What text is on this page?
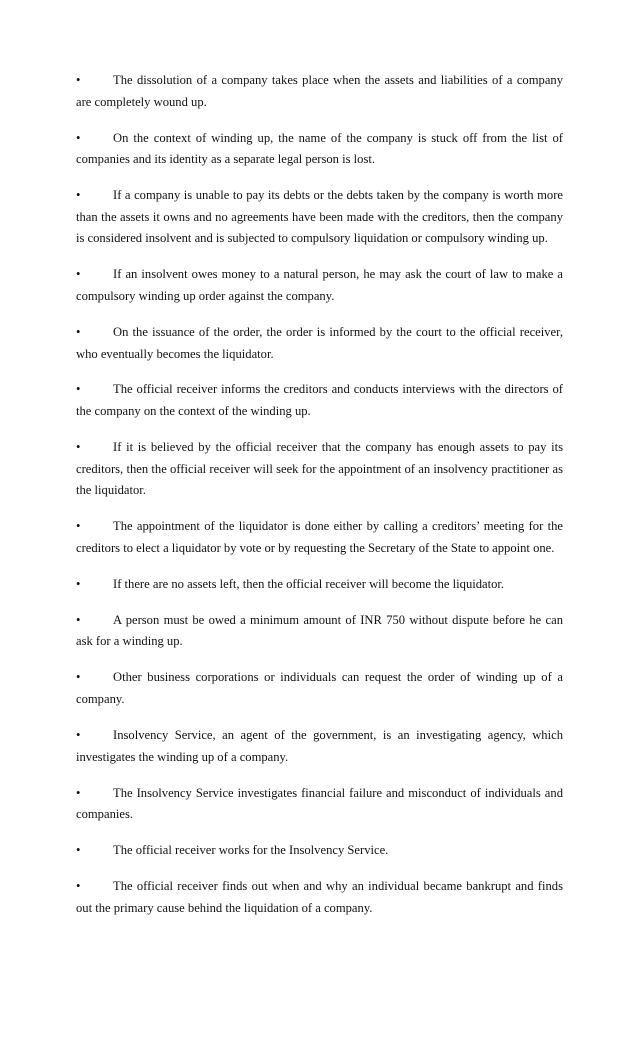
•	The dissolution of a company takes place when the assets and liabilities of a company are completely wound up.

•	On the context of winding up, the name of the company is stuck off from the list of companies and its identity as a separate legal person is lost.

•	If a company is unable to pay its debts or the debts taken by the company is worth more than the assets it owns and no agreements have been made with the creditors, then the company is considered insolvent and is subjected to compulsory liquidation or compulsory winding up.

•	If an insolvent owes money to a natural person, he may ask the court of law to make a compulsory winding up order against the company.

•	On the issuance of the order, the order is informed by the court to the official receiver, who eventually becomes the liquidator.

•	The official receiver informs the creditors and conducts interviews with the directors of the company on the context of the winding up.

•	If it is believed by the official receiver that the company has enough assets to pay its creditors, then the official receiver will seek for the appointment of an insolvency practitioner as the liquidator.

•	The appointment of the liquidator is done either by calling a creditors’ meeting for the creditors to elect a liquidator by vote or by requesting the Secretary of the State to appoint one.

•	If there are no assets left, then the official receiver will become the liquidator.

•	A person must be owed a minimum amount of INR 750 without dispute before he can ask for a winding up.

•	Other business corporations or individuals can request the order of winding up of a company.

•	Insolvency Service, an agent of the government, is an investigating agency, which investigates the winding up of a company.

•	The Insolvency Service investigates financial failure and misconduct of individuals and companies.

•	The official receiver works for the Insolvency Service.

•	The official receiver finds out when and why an individual became bankrupt and finds out the primary cause behind the liquidation of a company.
